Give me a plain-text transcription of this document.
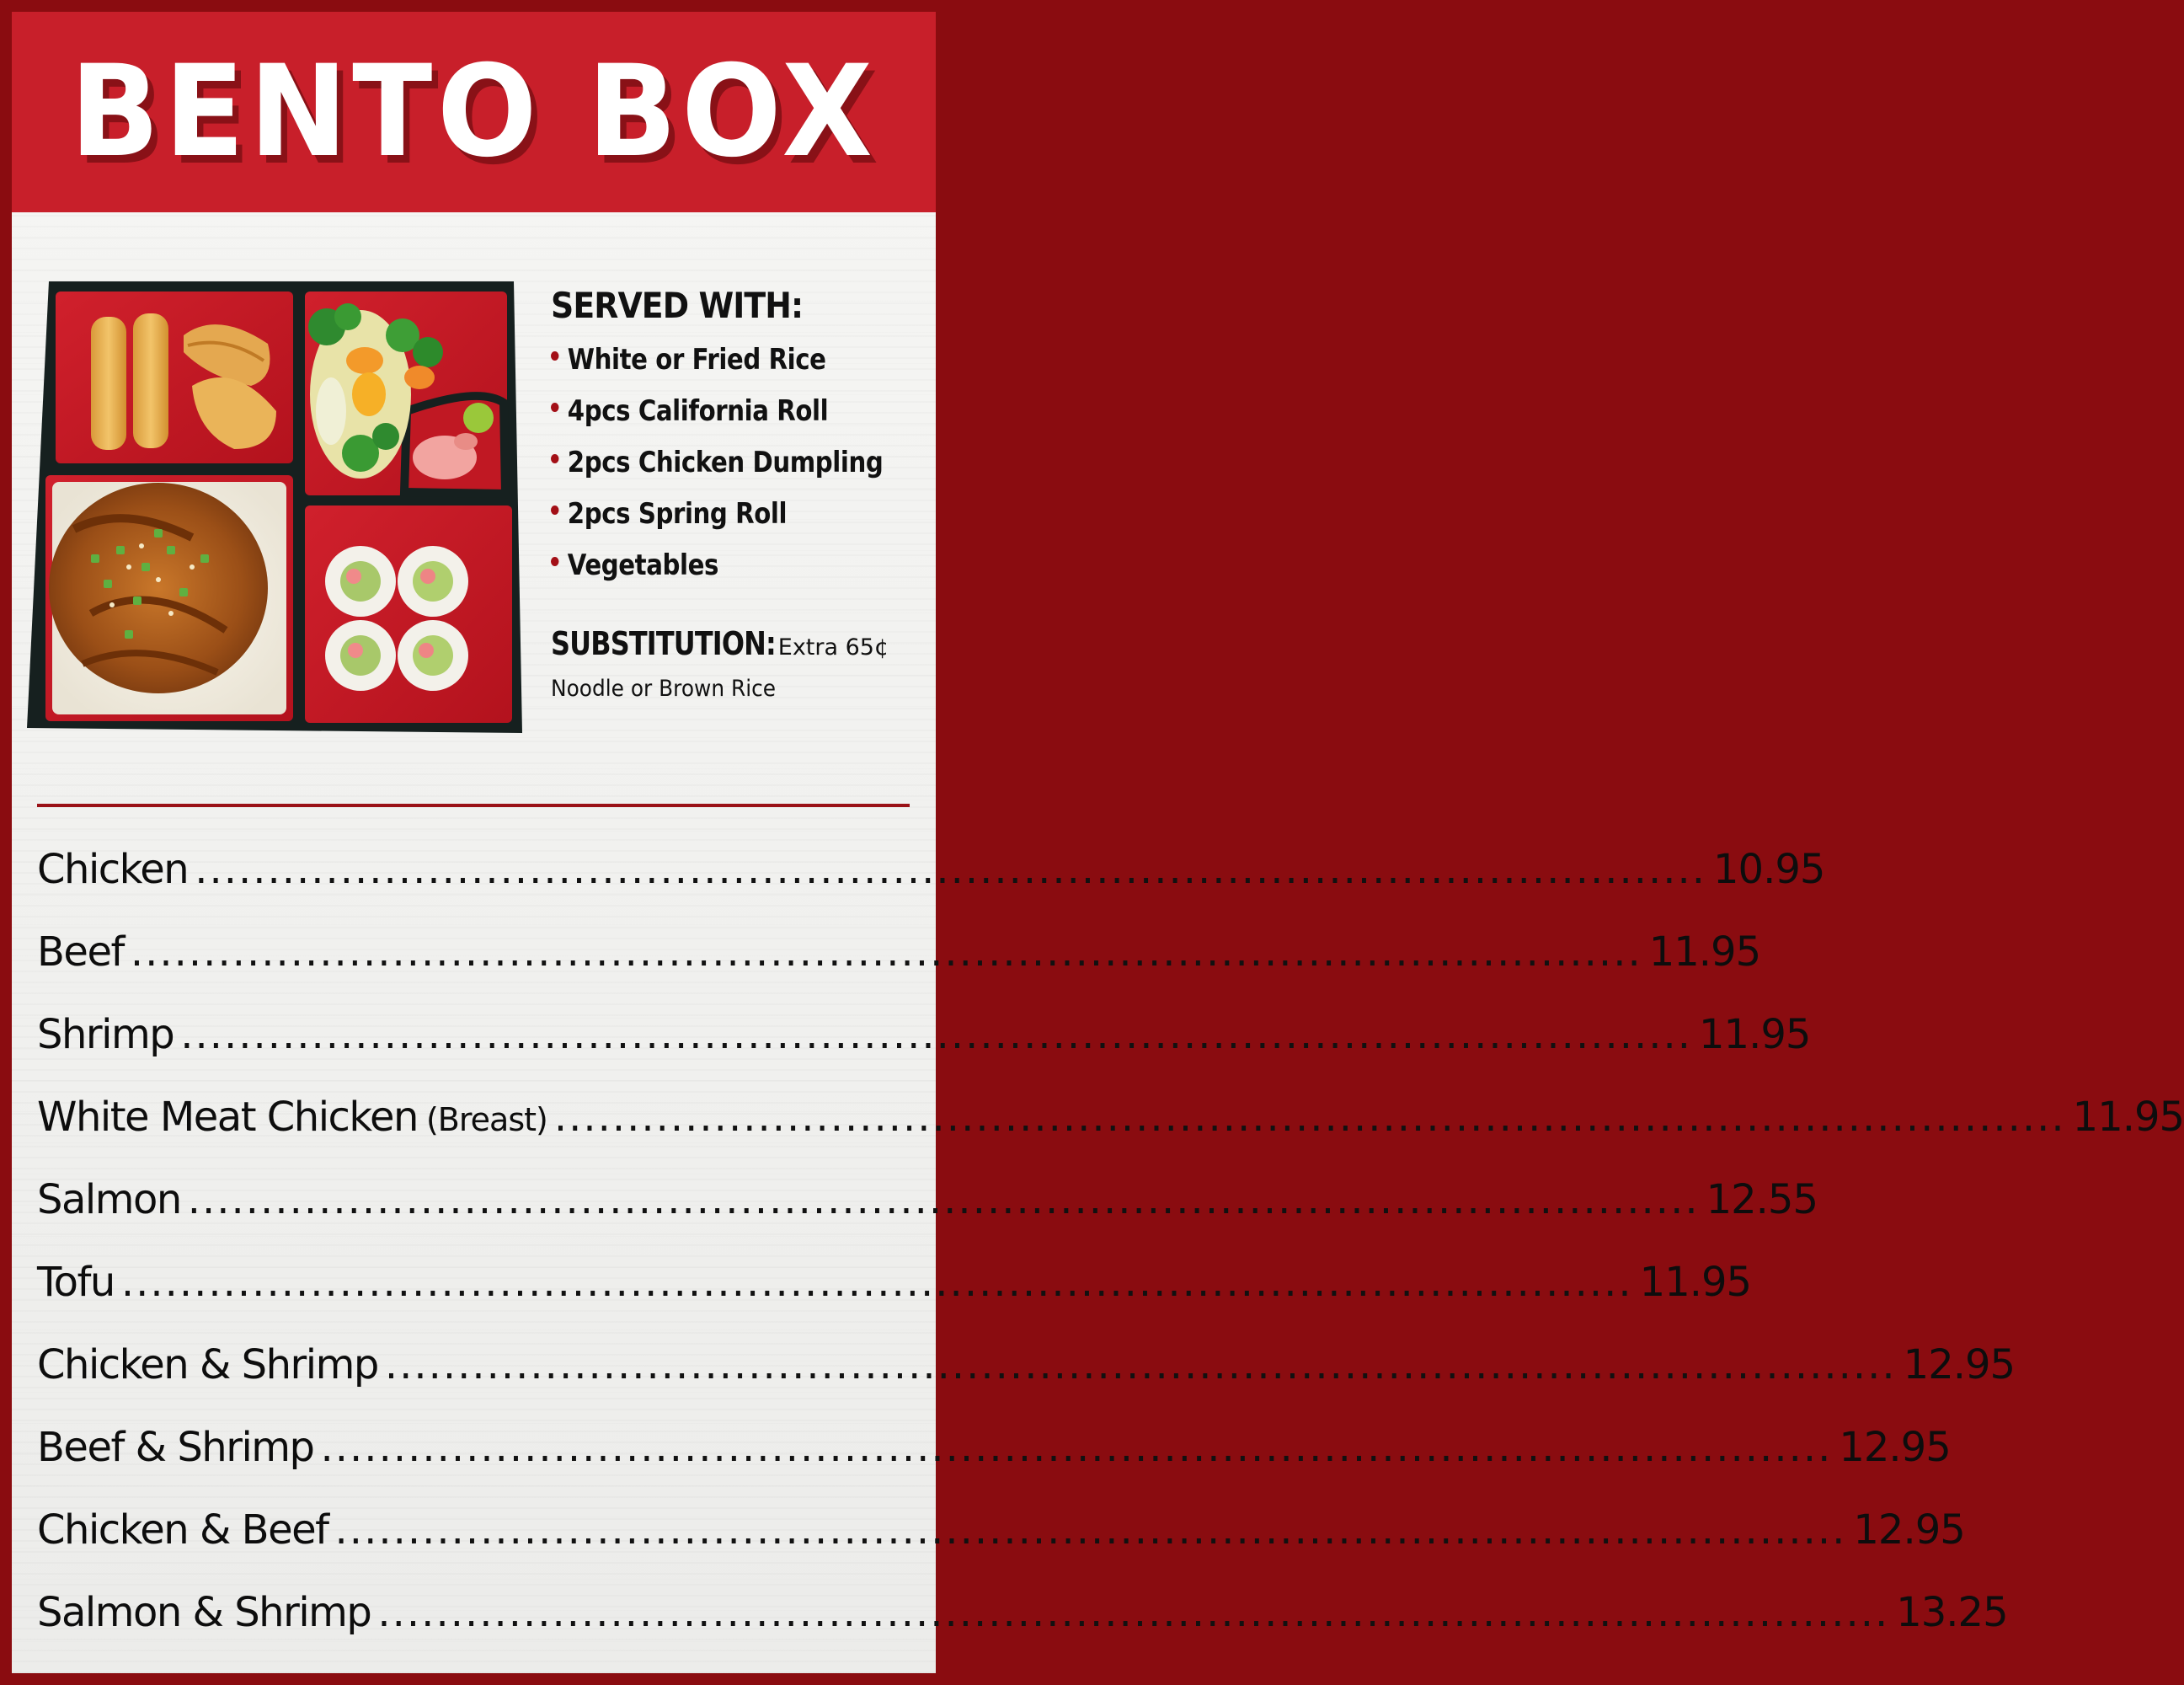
BENTO BOX
SERVED WITH:
White or Fried Rice
4pcs California Roll
2pcs Chicken Dumpling
2pcs Spring Roll
Vegetables
SUBSTITUTION: Extra 65¢
Noodle or Brown Rice
Chicken ........................................................................................................ 10.95
Beef ........................................................................................................ 11.95
Shrimp ........................................................................................................ 11.95
White Meat Chicken (Breast) ........................................................................................................ 11.95
Salmon ........................................................................................................ 12.55
Tofu ........................................................................................................ 11.95
Chicken & Shrimp ........................................................................................................ 12.95
Beef & Shrimp ........................................................................................................ 12.95
Chicken & Beef ........................................................................................................ 12.95
Salmon & Shrimp ........................................................................................................ 13.25
